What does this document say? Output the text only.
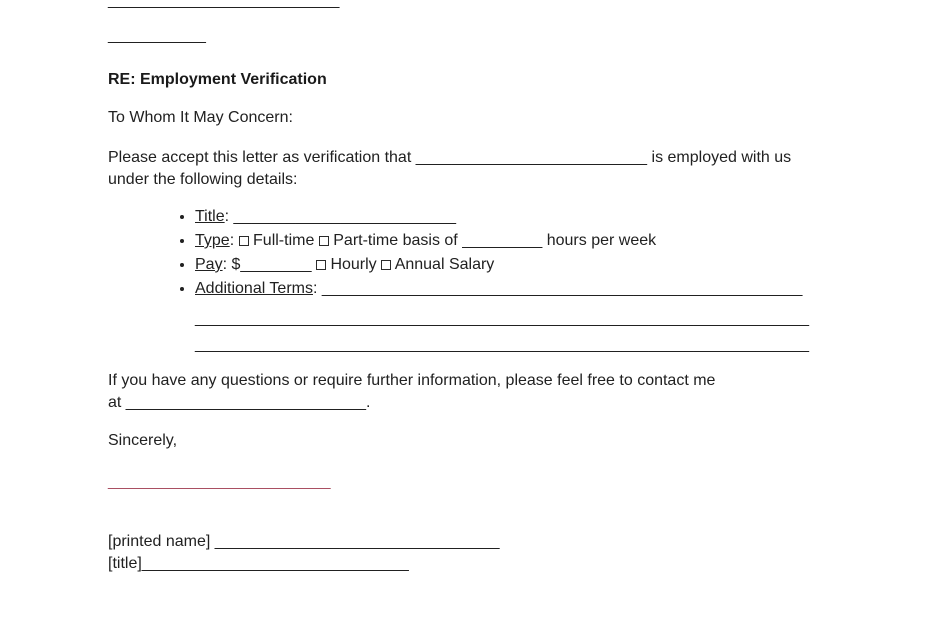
__________________________
___________

RE: Employment Verification

To Whom It May Concern:

Please accept this letter as verification that __________________________ is employed with us under the following details:

• Title: _________________________
• Type:  Full-time  Part-time basis of _________ hours per week
• Pay: $________  Hourly  Annual Salary
• Additional Terms: ______________________________________________________
_____________________________________________________________________
_____________________________________________________________________

If you have any questions or require further information, please feel free to contact me at ___________________________.

Sincerely,

_________________________

[printed name] ________________________________

[title]______________________________
